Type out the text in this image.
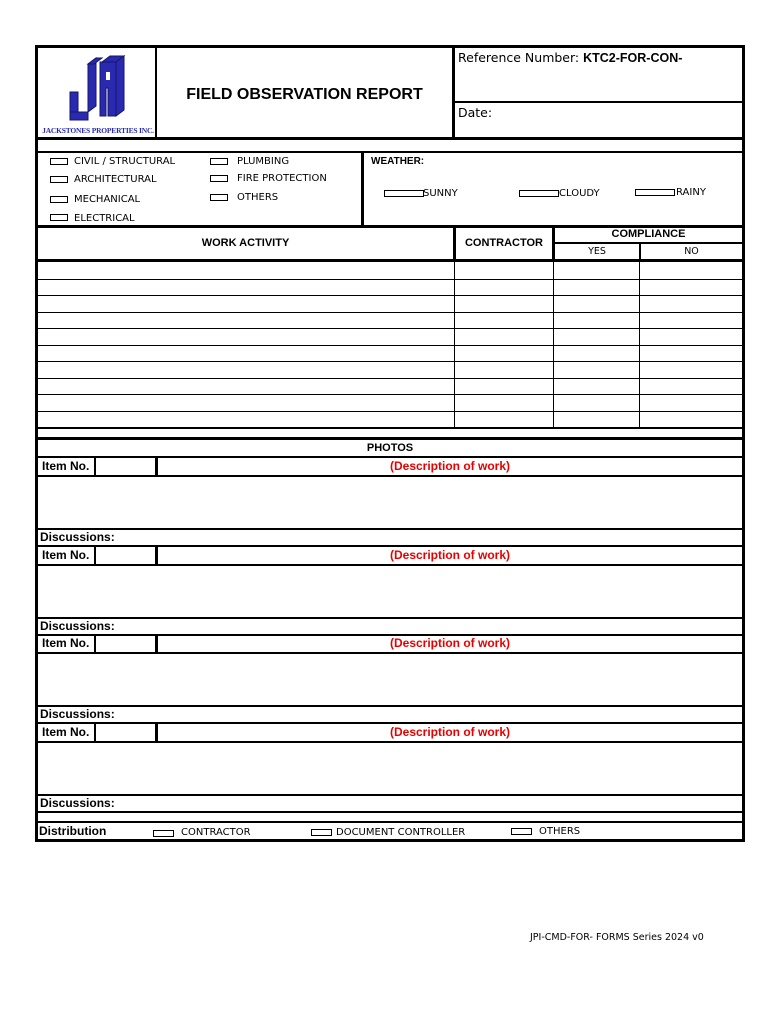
JACKSTONES PROPERTIES INC.
FIELD OBSERVATION REPORT
Reference Number: KTC2-FOR-CON-
Date:
CIVIL / STRUCTURAL
ARCHITECTURAL
MECHANICAL
ELECTRICAL
PLUMBING
FIRE PROTECTION
OTHERS
WEATHER:
SUNNY	CLOUDY	RAINY
WORK ACTIVITY	CONTRACTOR
COMPLIANCE
YES	NO
PHOTOS
Item No.	(Description of work)
Discussions:
Item No.	(Description of work)
Discussions:
Item No.	(Description of work)
Discussions:
Item No.	(Description of work)
Discussions:
Distribution	CONTRACTOR	DOCUMENT CONTROLLER	OTHERS
JPI-CMD-FOR- FORMS Series 2024 v0
